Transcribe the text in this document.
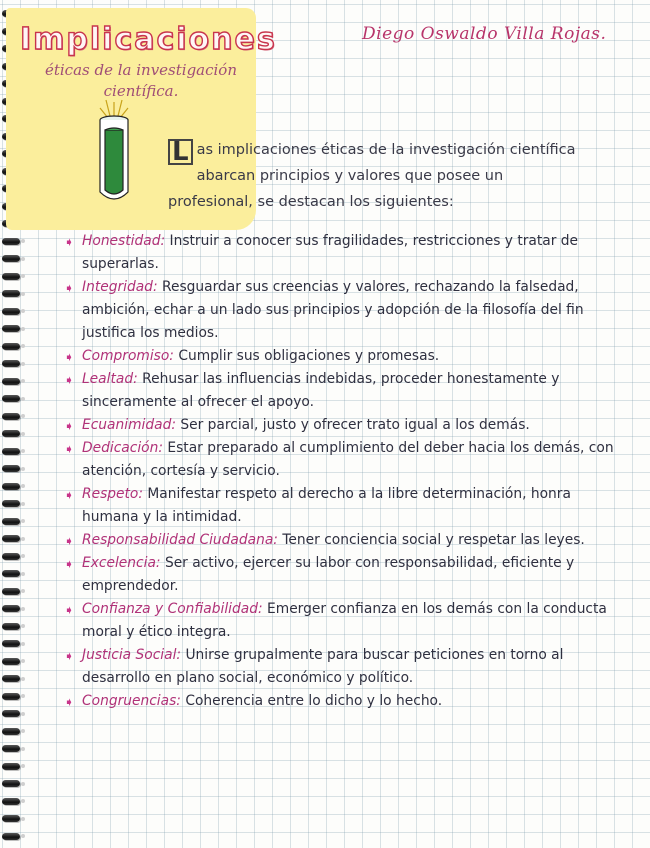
Implicaciones
éticas de la investigación científica.
Diego Oswaldo Villa Rojas.
L as implicaciones éticas de la investigación científica abarcan principios y valores que posee un profesional, se destacan los siguientes:
➧ Honestidad: Instruir a conocer sus fragilidades, restricciones y tratar de superarlas.
➧ Integridad: Resguardar sus creencias y valores, rechazando la falsedad, ambición, echar a un lado sus principios y adopción de la filosofía del fin justifica los medios.
➧ Compromiso: Cumplir sus obligaciones y promesas.
➧ Lealtad: Rehusar las influencias indebidas, proceder honestamente y sinceramente al ofrecer el apoyo.
➧ Ecuanimidad: Ser parcial, justo y ofrecer trato igual a los demás.
➧ Dedicación: Estar preparado al cumplimiento del deber hacia los demás, con atención, cortesía y servicio.
➧ Respeto: Manifestar respeto al derecho a la libre determinación, honra humana y la intimidad.
➧ Responsabilidad Ciudadana: Tener conciencia social y respetar las leyes.
➧ Excelencia: Ser activo, ejercer su labor con responsabilidad, eficiente y emprendedor.
➧ Confianza y Confiabilidad: Emerger confianza en los demás con la conducta moral y ético integra.
➧ Justicia Social: Unirse grupalmente para buscar peticiones en torno al desarrollo en plano social, económico y político.
➧ Congruencias: Coherencia entre lo dicho y lo hecho.
